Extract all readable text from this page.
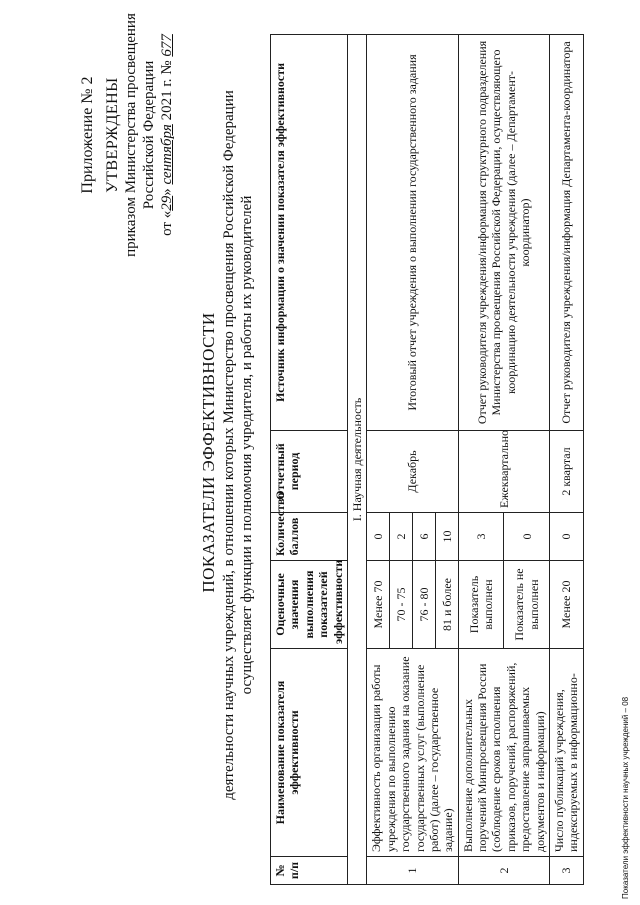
Приложение № 2 УТВЕРЖДЕНЫ приказом Министерства просвещения Российской Федерации
от «29» сентября 2021 г. № 677
ПОКАЗАТЕЛИ ЭФФЕКТИВНОСТИ деятельности научных учреждений, в отношении которых Министерство просвещения Российской Федерации осуществляет функции и полномочия учредителя, и работы их руководителей
№ п/п	Наименование показателя эффективности	Оценочные значения выполнения показателей эффективности	Количество баллов	Отчетный период	Источник информации о значении показателя эффективности
I. Научная деятельность					
1	Эффективность организации работы учреждения по выполнению государственного задания на оказание государственных услуг (выполнение работ) (далее – государственное задание)	Менее 70	0	Декабрь	Итоговый отчет учреждения о выполнении государственного задания
		70 - 75	2		
		76 - 80	6		
		81 и более	10		
2	Выполнение дополнительных поручений Минпросвещения России (соблюдение сроков исполнения приказов, поручений, распоряжений, предоставление запрашиваемых документов и информации)	Показатель выполнен	3	Ежеквартально	Отчет руководителя учреждения/информация структурного подразделения Министерства просвещения Российской Федерации, осуществляющего координацию деятельности учреждения (далее – Департамент-координатор)
		Показатель не выполнен	0		
3	Число публикаций учреждения, индексируемых в информационно-	Менее 20	0	2 квартал	Отчет руководителя учреждения/информация Департамента-координатора
Показатели эффективности научных учреждений – 08
